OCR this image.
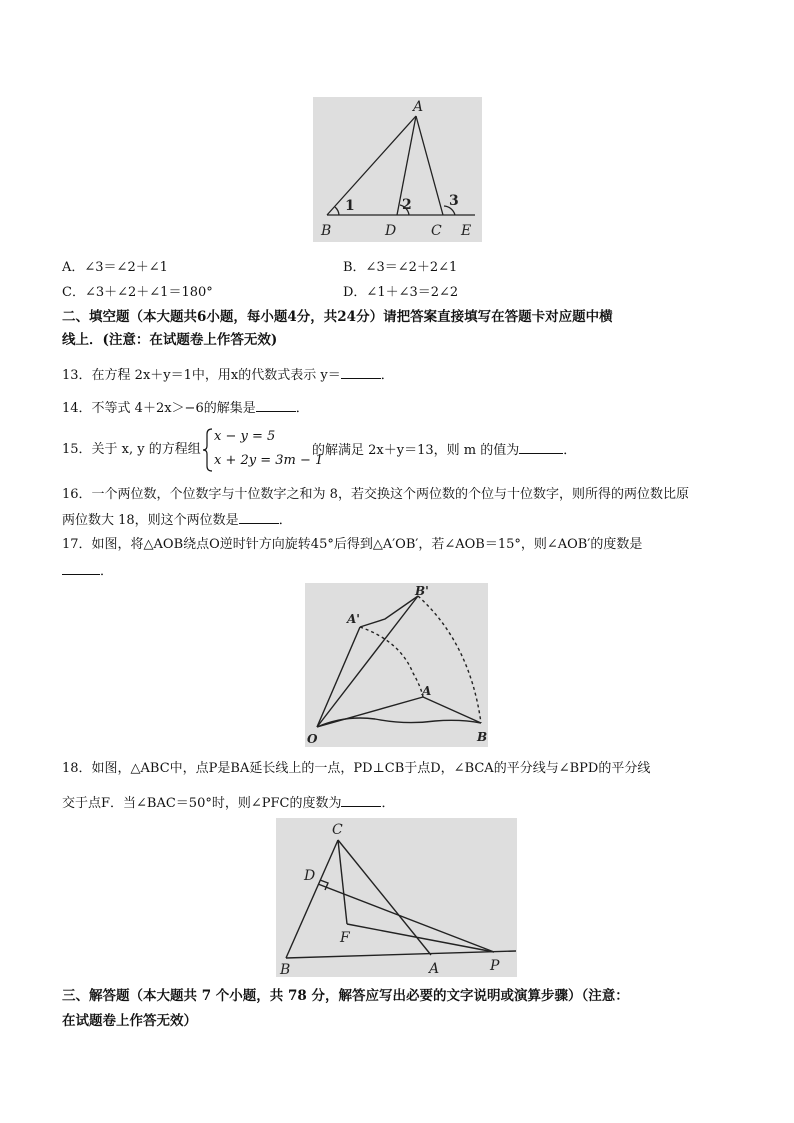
A
B	D C E
1	2	3
A．∠3＝∠2＋∠1	B．∠3＝∠2＋2∠1
C．∠3＋∠2＋∠1＝180°	D．∠1＋∠3＝2∠2
二、填空题（本大题共6小题，每小题4分，共24分）请把答案直接填写在答题卡对应题中横
线上．(注意：在试题卷上作答无效)
13．在方程 2x＋y＝1中，用x的代数式表示 y＝	．
14．不等式 4＋2x＞−6的解集是	．
15．关于 x, y 的方程组
x − y = 5
x + 2y = 3m − 1
的解满足 2x＋y＝13，则 m 的值为	．
16．一个两位数，个位数字与十位数字之和为 8，若交换这个两位数的个位与十位数字，则所得的两位数比原
两位数大 18，则这个两位数是	．
17．如图，将△AOB绕点O逆时针方向旋转45°后得到△A′OB′，若∠AOB＝15°，则∠AOB′的度数是
．
A'
B'
A
O	B
18．如图，△ABC中，点P是BA延长线上的一点，PD⊥CB于点D，∠BCA的平分线与∠BPD的平分线
交于点F．当∠BAC＝50°时，则∠PFC的度数为	．
C
D
F
B	A	P
三、解答题（本大题共 7 个小题，共 78 分，解答应写出必要的文字说明或演算步骤）（注意：
在试题卷上作答无效）
